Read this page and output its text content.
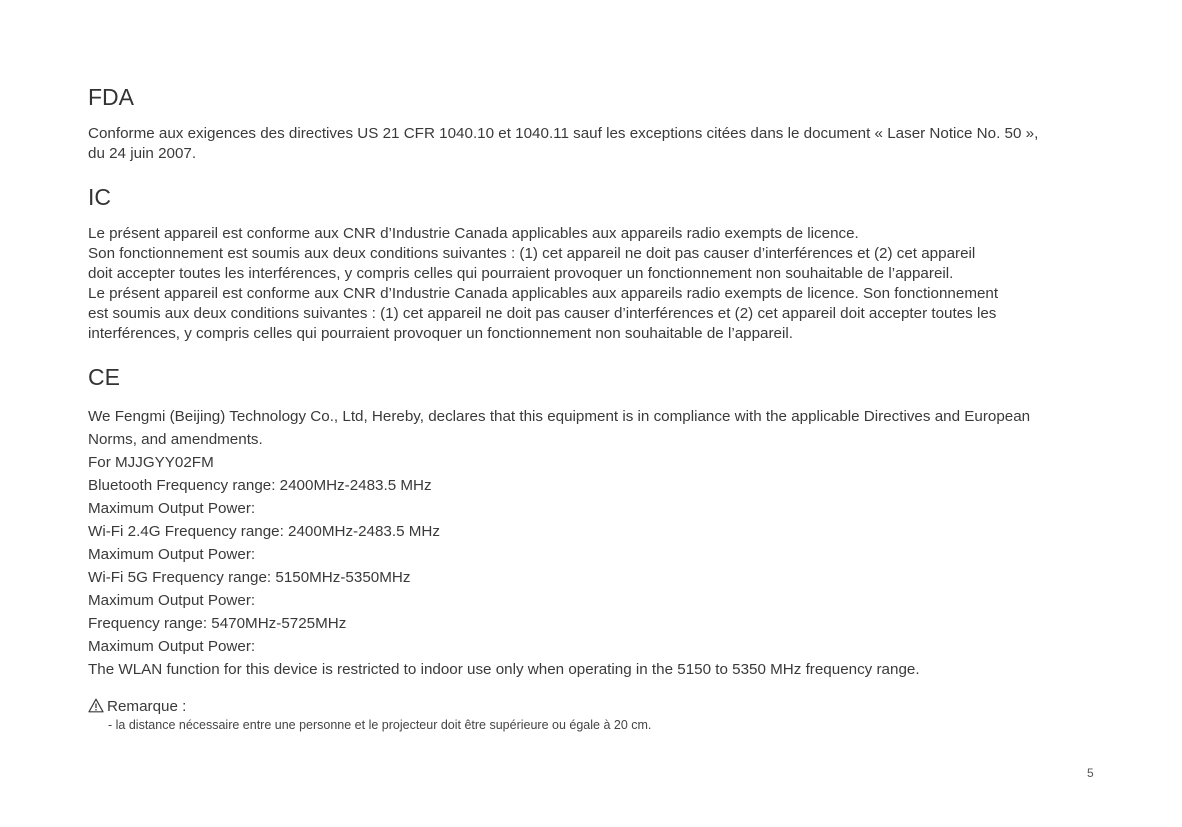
FDA

Conforme aux exigences des directives US 21 CFR 1040.10 et 1040.11 sauf les exceptions citées dans le document « Laser Notice No. 50 »,

du 24 juin 2007.

IC

Le présent appareil est conforme aux CNR d’Industrie Canada applicables aux appareils radio exempts de licence.

Son fonctionnement est soumis aux deux conditions suivantes : (1) cet appareil ne doit pas causer d’interférences et (2) cet appareil

doit accepter toutes les interférences, y compris celles qui pourraient provoquer un fonctionnement non souhaitable de l’appareil.

Le présent appareil est conforme aux CNR d’Industrie Canada applicables aux appareils radio exempts de licence. Son fonctionnement

est soumis aux deux conditions suivantes : (1) cet appareil ne doit pas causer d’interférences et (2) cet appareil doit accepter toutes les

interférences, y compris celles qui pourraient provoquer un fonctionnement non souhaitable de l’appareil.

CE
We Fengmi (Beijing) Technology Co., Ltd, Hereby, declares that this equipment is in compliance with the applicable Directives and European
Norms, and amendments.
For MJJGYY02FM
Bluetooth Frequency range: 2400MHz-2483.5 MHz
Maximum Output Power:
Wi-Fi 2.4G Frequency range: 2400MHz-2483.5 MHz
Maximum Output Power:
Wi-Fi 5G Frequency range: 5150MHz-5350MHz
Maximum Output Power:
Frequency range: 5470MHz-5725MHz
Maximum Output Power:
The WLAN function for this device is restricted to indoor use only when operating in the 5150 to 5350 MHz frequency range.
Remarque :
- la distance nécessaire entre une personne et le projecteur doit être supérieure ou égale à 20 cm.
5
